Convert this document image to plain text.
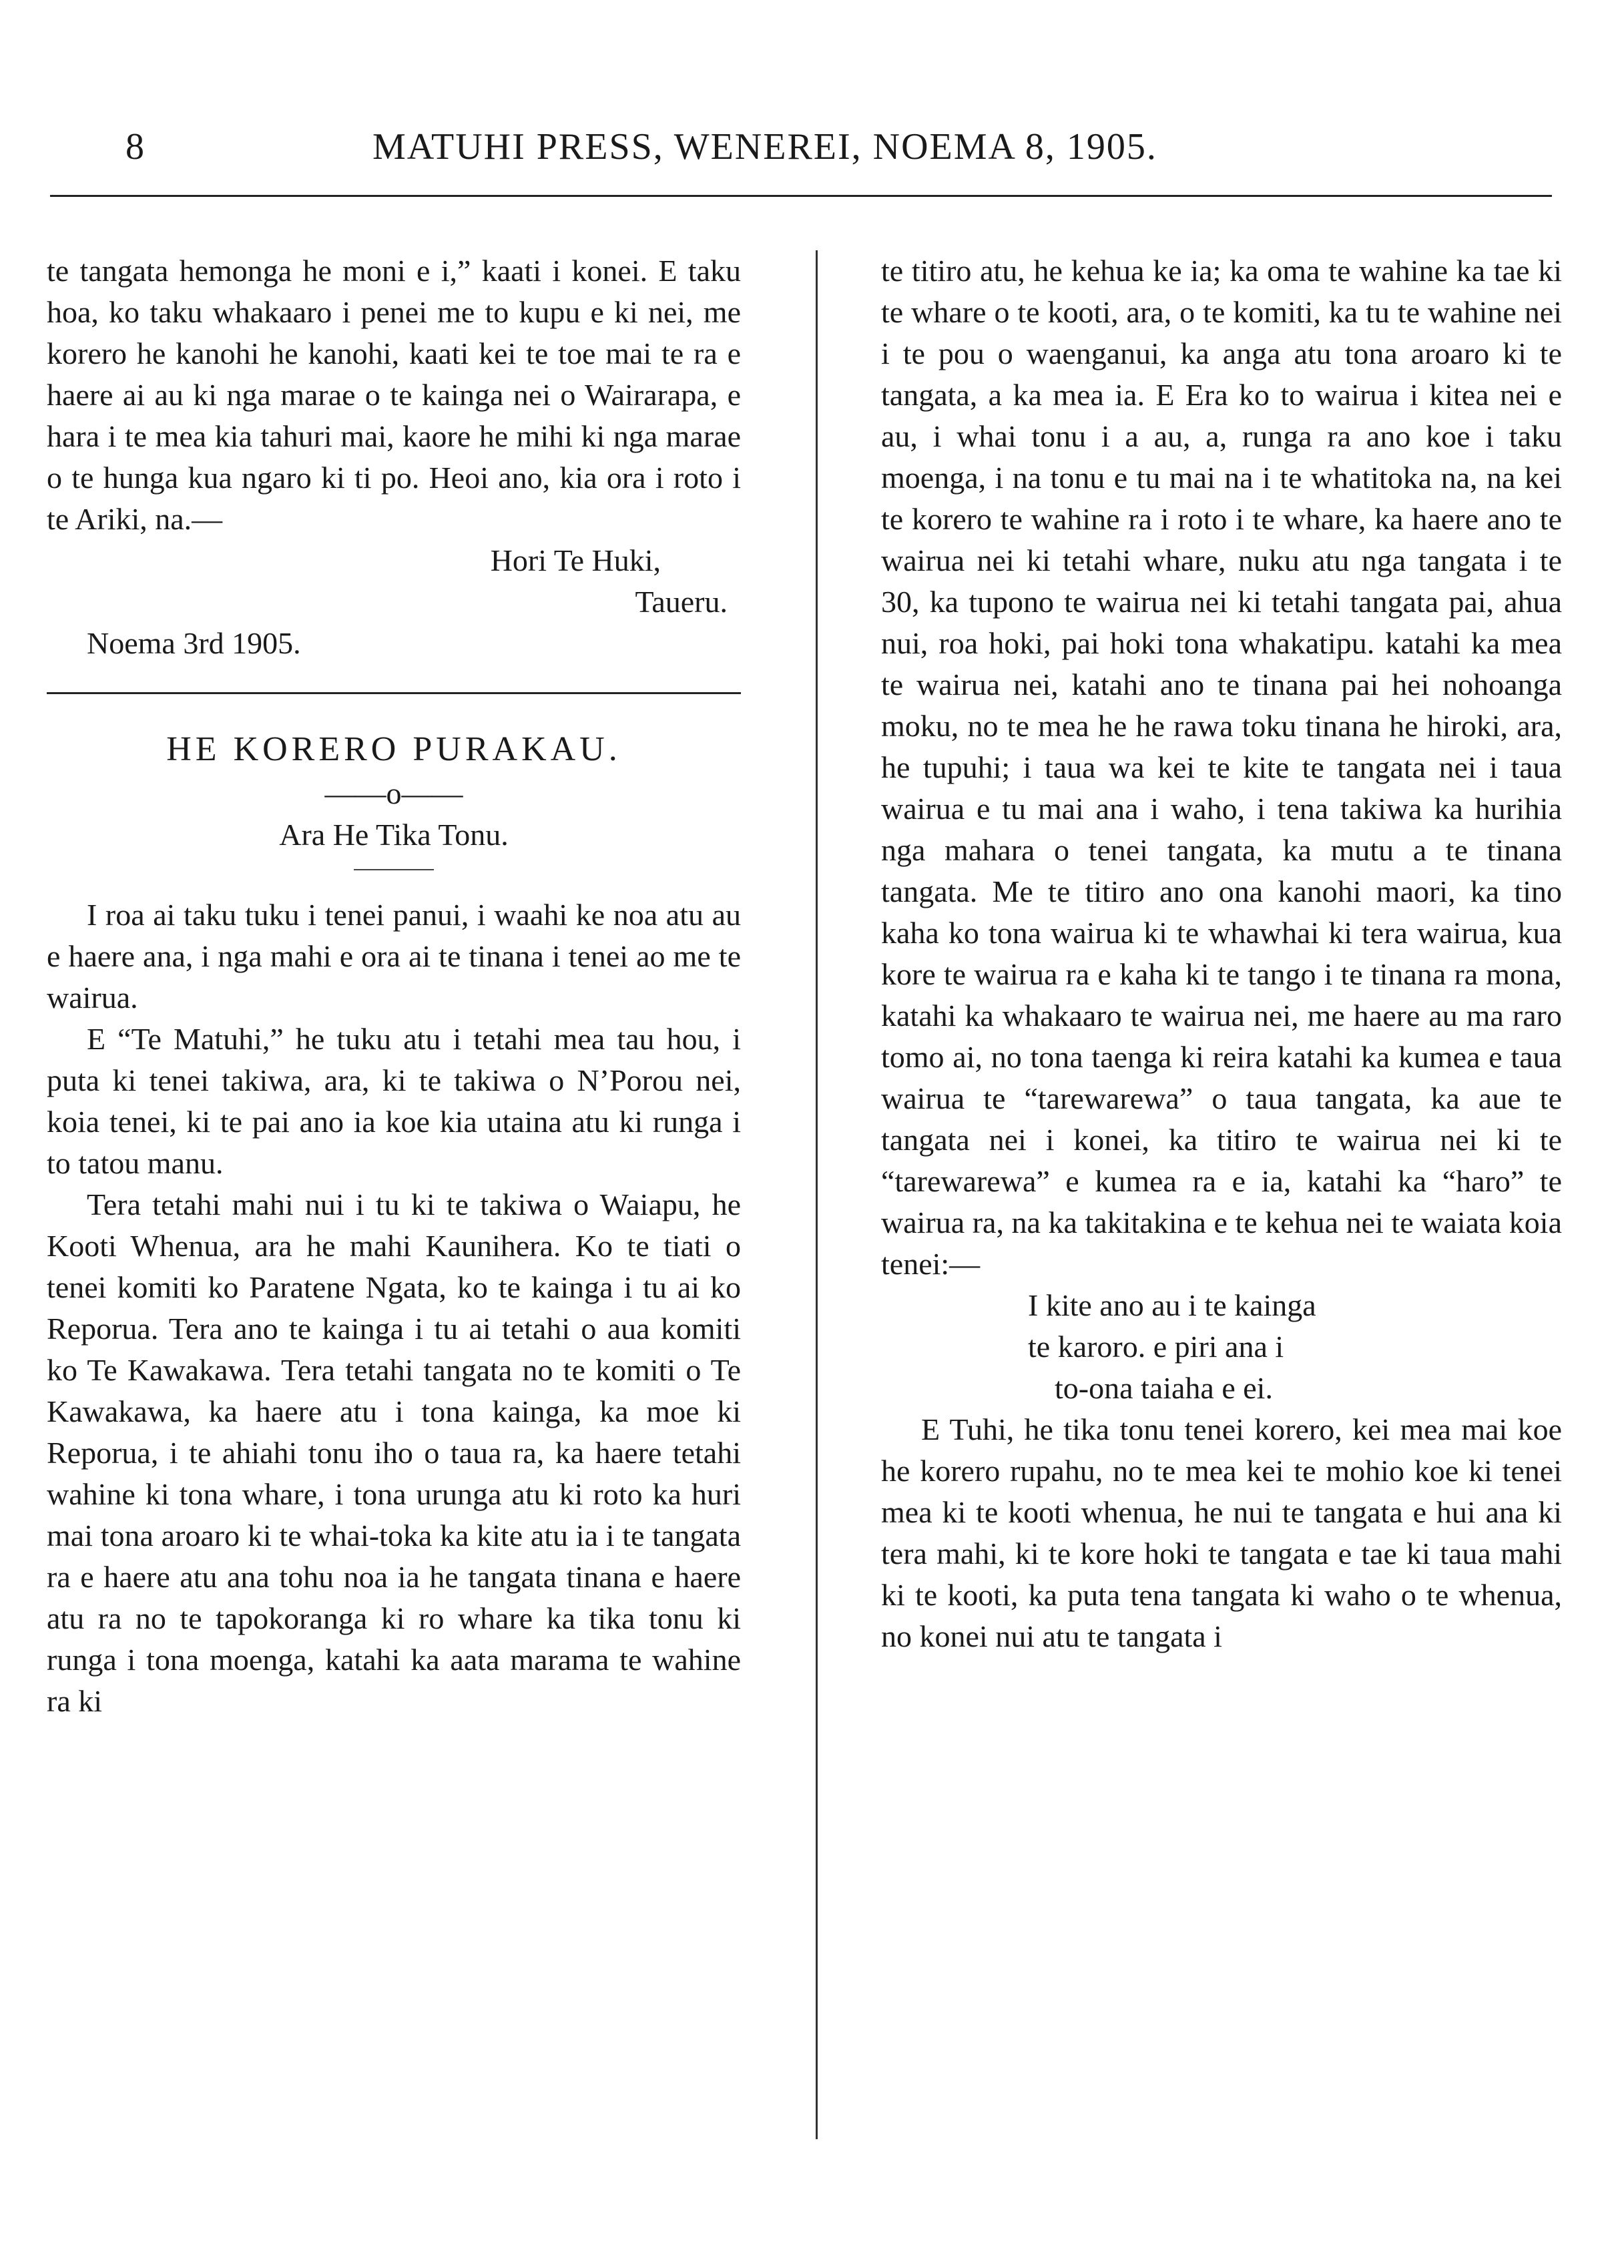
8	MATUHI PRESS, WENEREI, NOEMA 8, 1905.

te tangata hemonga he moni e i,” kaati i konei. E taku hoa, ko taku whakaaro i penei me to kupu e ki nei, me korero he kanohi he kanohi, kaati kei te toe mai te ra e haere ai au ki nga marae o te kainga nei o Wairarapa, e hara i te mea kia tahuri mai, kaore he mihi ki nga marae o te hunga kua ngaro ki ti po. Heoi ano, kia ora i roto i te Ariki, na.—

Hori Te Huki,
Taueru.
Noema 3rd 1905.
HE KORERO PURAKAU.
——o——
Ara He Tika Tonu.

I roa ai taku tuku i tenei panui, i waahi ke noa atu au e haere ana, i nga mahi e ora ai te tinana i tenei ao me te wairua.

E “Te Matuhi,” he tuku atu i tetahi mea tau hou, i puta ki tenei takiwa, ara, ki te takiwa o N’Porou nei, koia tenei, ki te pai ano ia koe kia utaina atu ki runga i to tatou manu.

Tera tetahi mahi nui i tu ki te takiwa o Waiapu, he Kooti Whenua, ara he mahi Kaunihera. Ko te tiati o tenei komiti ko Paratene Ngata, ko te kainga i tu ai ko Reporua. Tera ano te kainga i tu ai tetahi o aua komiti ko Te Kawakawa. Tera tetahi tangata no te komiti o Te Kawakawa, ka haere atu i tona kainga, ka moe ki Reporua, i te ahiahi tonu iho o taua ra, ka haere tetahi wahine ki tona whare, i tona urunga atu ki roto ka huri mai tona aroaro ki te whai-toka ka kite atu ia i te tangata ra e haere atu ana tohu noa ia he tangata tinana e haere atu ra no te tapokoranga ki ro whare ka tika tonu ki runga i tona moenga, katahi ka aata marama te wahine ra ki

te titiro atu, he kehua ke ia; ka oma te wahine ka tae ki te whare o te kooti, ara, o te komiti, ka tu te wahine nei i te pou o waenganui, ka anga atu tona aroaro ki te tangata, a ka mea ia. E Era ko to wairua i kitea nei e au, i whai tonu i a au, a, runga ra ano koe i taku moenga, i na tonu e tu mai na i te whatitoka na, na kei te korero te wahine ra i roto i te whare, ka haere ano te wairua nei ki tetahi whare, nuku atu nga tangata i te 30, ka tupono te wairua nei ki tetahi tangata pai, ahua nui, roa hoki, pai hoki tona whakatipu. katahi ka mea te wairua nei, katahi ano te tinana pai hei nohoanga moku, no te mea he he rawa toku tinana he hiroki, ara, he tupuhi; i taua wa kei te kite te tangata nei i taua wairua e tu mai ana i waho, i tena takiwa ka hurihia nga mahara o tenei tangata, ka mutu a te tinana tangata. Me te titiro ano ona kanohi maori, ka tino kaha ko tona wairua ki te whawhai ki tera wairua, kua kore te wairua ra e kaha ki te tango i te tinana ra mona, katahi ka whakaaro te wairua nei, me haere au ma raro tomo ai, no tona taenga ki reira katahi ka kumea e taua wairua te “tarewarewa” o taua tangata, ka aue te tangata nei i konei, ka titiro te wairua nei ki te “tarewarewa” e kumea ra e ia, katahi ka “haro” te wairua ra, na ka takitakina e te kehua nei te waiata koia tenei:—

I kite ano au i te kainga
te karoro. e piri ana i
to-ona taiaha e ei.

E Tuhi, he tika tonu tenei korero, kei mea mai koe he korero rupahu, no te mea kei te mohio koe ki tenei mea ki te kooti whenua, he nui te tangata e hui ana ki tera mahi, ki te kore hoki te tangata e tae ki taua mahi ki te kooti, ka puta tena tangata ki waho o te whenua, no konei nui atu te tangata i
